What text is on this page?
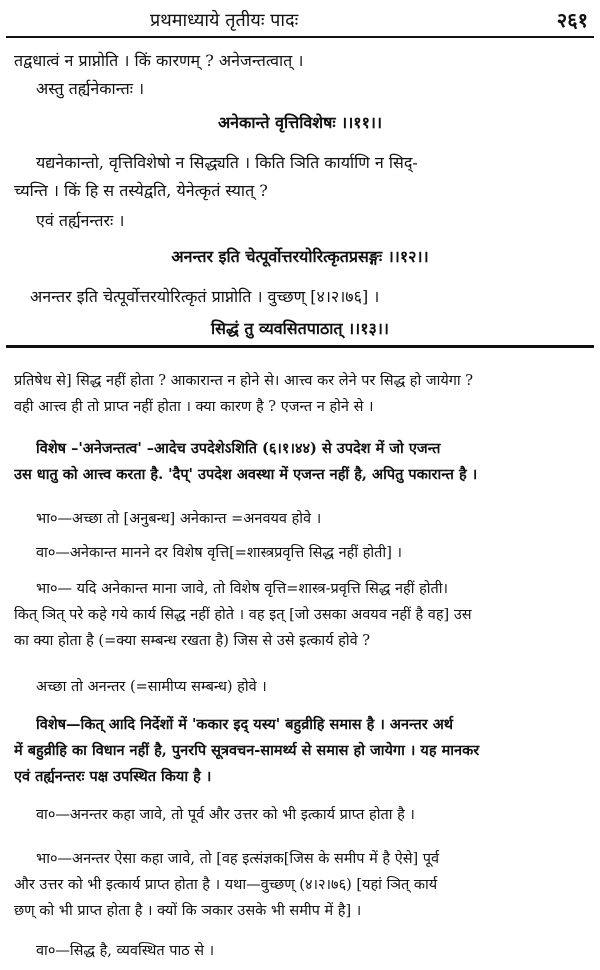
प्रथमाध्याये तृतीयः पादः	२६१
तद्वधात्वं न प्राप्नोति । किं कारणम् ? अनेजन्तत्वात् ।
अस्तु तर्ह्यनेकान्तः ।
अनेकान्ते वृत्तिविशेषः ।।११।।
यद्यनेकान्तो, वृत्तिविशेषो न सिद्ध्यति । किति ञिति कार्याणि न सिद्-
च्यन्ति । किं हि स तस्येद्वति, येनेत्कृतं स्यात् ?
एवं तर्ह्यनन्तरः ।
अनन्तर इति चेत्पूर्वोत्तरयोरित्कृतप्रसङ्गः ।।१२।।
अनन्तर इति चेत्पूर्वोत्तरयोरित्कृतं प्राप्नोति । वुच्छण् [४।२।७६] ।
सिद्धं तु व्यवसितपाठात् ।।१३।।
प्रतिषेध से] सिद्ध नहीं होता ? आकारान्त न होने से। आत्त्व कर लेने पर सिद्ध हो जायेगा ?
वही आत्त्व ही तो प्राप्त नहीं होता । क्या कारण है ? एजन्त न होने से ।
विशेष –'अनेजन्तत्व' –आदेच उपदेशेऽशिति (६।१।४४) से उपदेश में जो एजन्त
उस धातु को आत्त्व करता है. 'दैप्' उपदेश अवस्था में एजन्त नहीं है, अपितु पकारान्त है ।
भा०—अच्छा तो [अनुबन्ध] अनेकान्त =अनवयव होवे ।
वा०—अनेकान्त मानने दर विशेष वृत्ति[=शास्त्रप्रवृत्ति सिद्ध नहीं होती] ।
भा०— यदि अनेकान्त माना जावे, तो विशेष वृत्ति=शास्त्र-प्रवृत्ति सिद्ध नहीं होती।
कित् ञित् परे कहे गये कार्य सिद्ध नहीं होते । वह इत् [जो उसका अवयव नहीं है वह] उस
का क्या होता है (=क्या सम्बन्ध रखता है) जिस से उसे इत्कार्य होवे ?
अच्छा तो अनन्तर (=सामीप्य सम्बन्ध) होवे ।
विशेष—कित् आदि निर्देशों में 'ककार इद् यस्य' बहुव्रीहि समास है । अनन्तर अर्थ
में बहुव्रीहि का विधान नहीं है, पुनरपि सूत्रवचन-सामर्थ्य से समास हो जायेगा । यह मानकर
एवं तर्ह्यनन्तरः पक्ष उपस्थित किया है ।
वा०—अनन्तर कहा जावे, तो पूर्व और उत्तर को भी इत्कार्य प्राप्त होता है ।
भा०—अनन्तर ऐसा कहा जावे, तो [वह इत्संज्ञक[जिस के समीप में है ऐसे] पूर्व
और उत्तर को भी इत्कार्य प्राप्त होता है । यथा—वुच्छण् (४।२।७६) [यहां ञित् कार्य
छण् को भी प्राप्त होता है । क्यों कि ञकार उसके भी समीप में है] ।
वा०—सिद्ध है, व्यवस्थित पाठ से ।
